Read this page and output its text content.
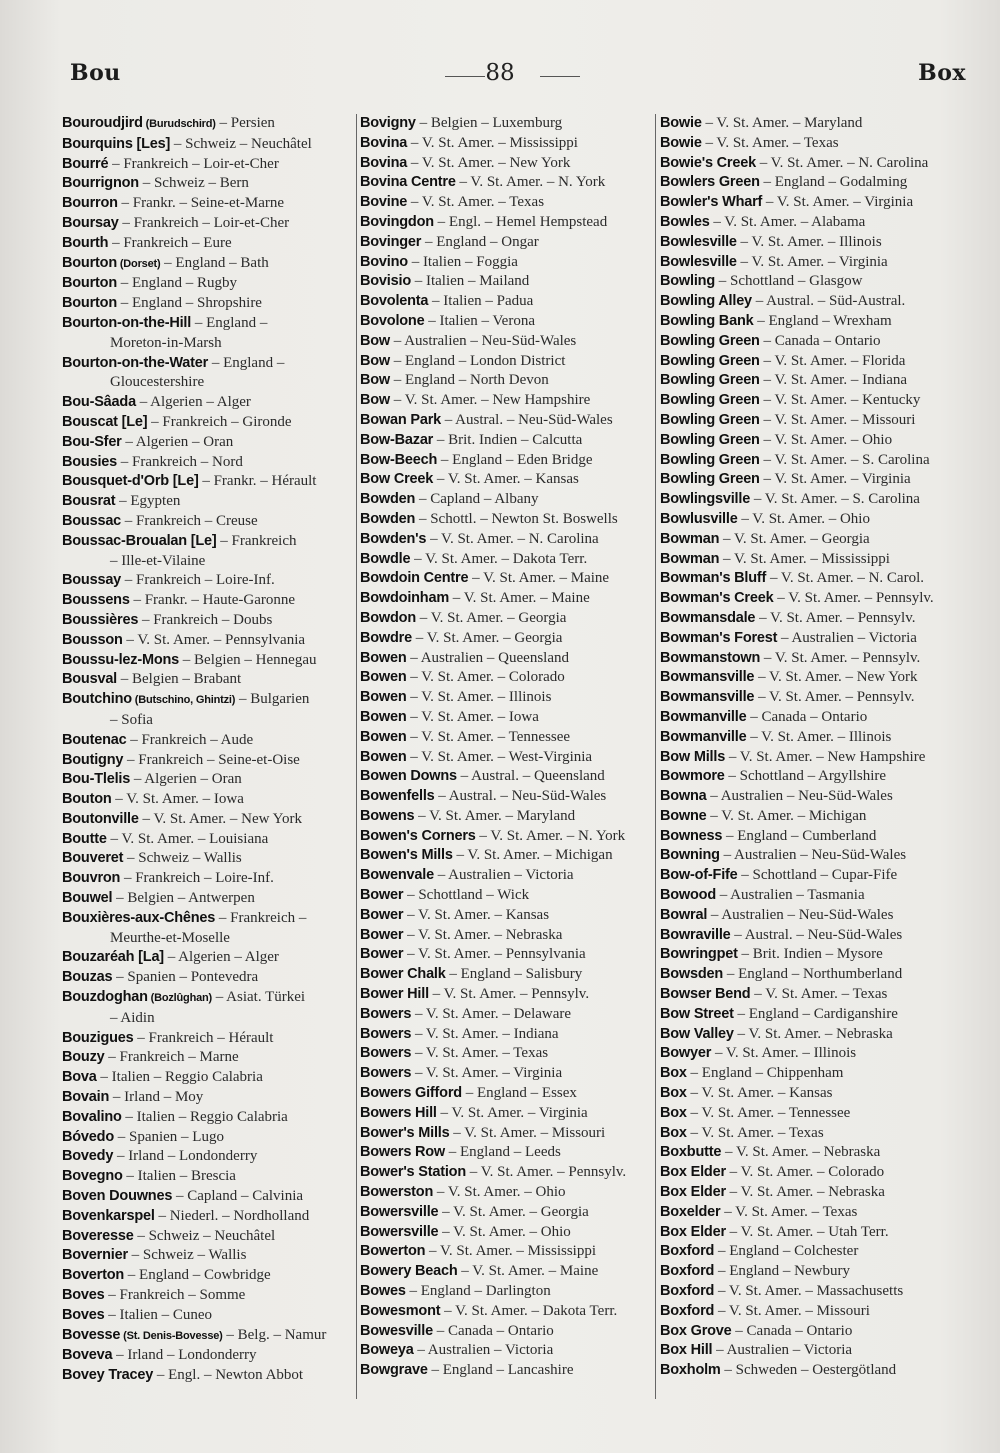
Bou	88	Box
Bouroudjird (Burudschird) – Persien
Bourquins [Les] – Schweiz – Neuchâtel
Bourré – Frankreich – Loir-et-Cher
Bourrignon – Schweiz – Bern
Bourron – Frankr. – Seine-et-Marne
Boursay – Frankreich – Loir-et-Cher
Bourth – Frankreich – Eure
Bourton (Dorset) – England – Bath
Bourton – England – Rugby
Bourton – England – Shropshire
Bourton-on-the-Hill – England –
Moreton-in-Marsh
Bourton-on-the-Water – England –
Gloucestershire
Bou-Sâada – Algerien – Alger
Bouscat [Le] – Frankreich – Gironde
Bou-Sfer – Algerien – Oran
Bousies – Frankreich – Nord
Bousquet-d'Orb [Le] – Frankr. – Hérault
Bousrat – Egypten
Boussac – Frankreich – Creuse
Boussac-Broualan [Le] – Frankreich
– Ille-et-Vilaine
Boussay – Frankreich – Loire-Inf.
Boussens – Frankr. – Haute-Garonne
Boussières – Frankreich – Doubs
Bousson – V. St. Amer. – Pennsylvania
Boussu-lez-Mons – Belgien – Hennegau
Bousval – Belgien – Brabant
Boutchino (Butschino, Ghintzi) – Bulgarien
– Sofia
Boutenac – Frankreich – Aude
Boutigny – Frankreich – Seine-et-Oise
Bou-Tlelis – Algerien – Oran
Bouton – V. St. Amer. – Iowa
Boutonville – V. St. Amer. – New York
Boutte – V. St. Amer. – Louisiana
Bouveret – Schweiz – Wallis
Bouvron – Frankreich – Loire-Inf.
Bouwel – Belgien – Antwerpen
Bouxières-aux-Chênes – Frankreich –
Meurthe-et-Moselle
Bouzaréah [La] – Algerien – Alger
Bouzas – Spanien – Pontevedra
Bouzdoghan (Bozlûghan) – Asiat. Türkei
– Aidin
Bouzigues – Frankreich – Hérault
Bouzy – Frankreich – Marne
Bova – Italien – Reggio Calabria
Bovain – Irland – Moy
Bovalino – Italien – Reggio Calabria
Bóvedo – Spanien – Lugo
Bovedy – Irland – Londonderry
Bovegno – Italien – Brescia
Boven Douwnes – Capland – Calvinia
Bovenkarspel – Niederl. – Nordholland
Boveresse – Schweiz – Neuchâtel
Bovernier – Schweiz – Wallis
Boverton – England – Cowbridge
Boves – Frankreich – Somme
Boves – Italien – Cuneo
Bovesse (St. Denis-Bovesse) – Belg. – Namur
Boveva – Irland – Londonderry
Bovey Tracey – Engl. – Newton Abbot
Bovigny – Belgien – Luxemburg
Bovina – V. St. Amer. – Mississippi
Bovina – V. St. Amer. – New York
Bovina Centre – V. St. Amer. – N. York
Bovine – V. St. Amer. – Texas
Bovingdon – Engl. – Hemel Hempstead
Bovinger – England – Ongar
Bovino – Italien – Foggia
Bovisio – Italien – Mailand
Bovolenta – Italien – Padua
Bovolone – Italien – Verona
Bow – Australien – Neu-Süd-Wales
Bow – England – London District
Bow – England – North Devon
Bow – V. St. Amer. – New Hampshire
Bowan Park – Austral. – Neu-Süd-Wales
Bow-Bazar – Brit. Indien – Calcutta
Bow-Beech – England – Eden Bridge
Bow Creek – V. St. Amer. – Kansas
Bowden – Capland – Albany
Bowden – Schottl. – Newton St. Boswells
Bowden's – V. St. Amer. – N. Carolina
Bowdle – V. St. Amer. – Dakota Terr.
Bowdoin Centre – V. St. Amer. – Maine
Bowdoinham – V. St. Amer. – Maine
Bowdon – V. St. Amer. – Georgia
Bowdre – V. St. Amer. – Georgia
Bowen – Australien – Queensland
Bowen – V. St. Amer. – Colorado
Bowen – V. St. Amer. – Illinois
Bowen – V. St. Amer. – Iowa
Bowen – V. St. Amer. – Tennessee
Bowen – V. St. Amer. – West-Virginia
Bowen Downs – Austral. – Queensland
Bowenfells – Austral. – Neu-Süd-Wales
Bowens – V. St. Amer. – Maryland
Bowen's Corners – V. St. Amer. – N. York
Bowen's Mills – V. St. Amer. – Michigan
Bowenvale – Australien – Victoria
Bower – Schottland – Wick
Bower – V. St. Amer. – Kansas
Bower – V. St. Amer. – Nebraska
Bower – V. St. Amer. – Pennsylvania
Bower Chalk – England – Salisbury
Bower Hill – V. St. Amer. – Pennsylv.
Bowers – V. St. Amer. – Delaware
Bowers – V. St. Amer. – Indiana
Bowers – V. St. Amer. – Texas
Bowers – V. St. Amer. – Virginia
Bowers Gifford – England – Essex
Bowers Hill – V. St. Amer. – Virginia
Bower's Mills – V. St. Amer. – Missouri
Bowers Row – England – Leeds
Bower's Station – V. St. Amer. – Pennsylv.
Bowerston – V. St. Amer. – Ohio
Bowersville – V. St. Amer. – Georgia
Bowersville – V. St. Amer. – Ohio
Bowerton – V. St. Amer. – Mississippi
Bowery Beach – V. St. Amer. – Maine
Bowes – England – Darlington
Bowesmont – V. St. Amer. – Dakota Terr.
Bowesville – Canada – Ontario
Boweya – Australien – Victoria
Bowgrave – England – Lancashire
Bowie – V. St. Amer. – Maryland
Bowie – V. St. Amer. – Texas
Bowie's Creek – V. St. Amer. – N. Carolina
Bowlers Green – England – Godalming
Bowler's Wharf – V. St. Amer. – Virginia
Bowles – V. St. Amer. – Alabama
Bowlesville – V. St. Amer. – Illinois
Bowlesville – V. St. Amer. – Virginia
Bowling – Schottland – Glasgow
Bowling Alley – Austral. – Süd-Austral.
Bowling Bank – England – Wrexham
Bowling Green – Canada – Ontario
Bowling Green – V. St. Amer. – Florida
Bowling Green – V. St. Amer. – Indiana
Bowling Green – V. St. Amer. – Kentucky
Bowling Green – V. St. Amer. – Missouri
Bowling Green – V. St. Amer. – Ohio
Bowling Green – V. St. Amer. – S. Carolina
Bowling Green – V. St. Amer. – Virginia
Bowlingsville – V. St. Amer. – S. Carolina
Bowlusville – V. St. Amer. – Ohio
Bowman – V. St. Amer. – Georgia
Bowman – V. St. Amer. – Mississippi
Bowman's Bluff – V. St. Amer. – N. Carol.
Bowman's Creek – V. St. Amer. – Pennsylv.
Bowmansdale – V. St. Amer. – Pennsylv.
Bowman's Forest – Australien – Victoria
Bowmanstown – V. St. Amer. – Pennsylv.
Bowmansville – V. St. Amer. – New York
Bowmansville – V. St. Amer. – Pennsylv.
Bowmanville – Canada – Ontario
Bowmanville – V. St. Amer. – Illinois
Bow Mills – V. St. Amer. – New Hampshire
Bowmore – Schottland – Argyllshire
Bowna – Australien – Neu-Süd-Wales
Bowne – V. St. Amer. – Michigan
Bowness – England – Cumberland
Bowning – Australien – Neu-Süd-Wales
Bow-of-Fife – Schottland – Cupar-Fife
Bowood – Australien – Tasmania
Bowral – Australien – Neu-Süd-Wales
Bowraville – Austral. – Neu-Süd-Wales
Bowringpet – Brit. Indien – Mysore
Bowsden – England – Northumberland
Bowser Bend – V. St. Amer. – Texas
Bow Street – England – Cardiganshire
Bow Valley – V. St. Amer. – Nebraska
Bowyer – V. St. Amer. – Illinois
Box – England – Chippenham
Box – V. St. Amer. – Kansas
Box – V. St. Amer. – Tennessee
Box – V. St. Amer. – Texas
Boxbutte – V. St. Amer. – Nebraska
Box Elder – V. St. Amer. – Colorado
Box Elder – V. St. Amer. – Nebraska
Boxelder – V. St. Amer. – Texas
Box Elder – V. St. Amer. – Utah Terr.
Boxford – England – Colchester
Boxford – England – Newbury
Boxford – V. St. Amer. – Massachusetts
Boxford – V. St. Amer. – Missouri
Box Grove – Canada – Ontario
Box Hill – Australien – Victoria
Boxholm – Schweden – Oestergötland
